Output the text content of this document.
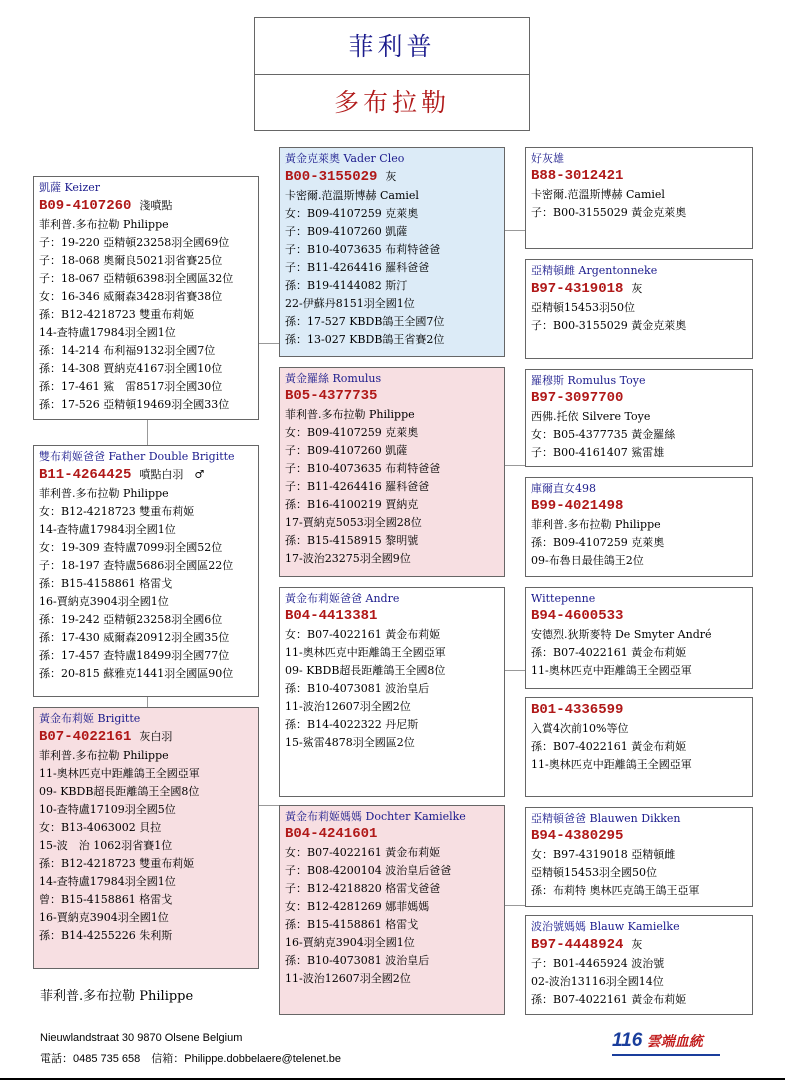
菲利普
多布拉勒
凱薩 Keizer
B09-4107260 淺噴點
菲利普.多布拉勒 Philippe
子：19-220 亞精頓23258羽全國69位
子：18-068 奧爾良5021羽省賽25位
子：18-067 亞精頓6398羽全國區32位
女：16-346 威爾森3428羽省賽38位
孫：B12-4218723 雙重布莉姬
14-查特盧17984羽全國1位
孫：14-214 布利福9132羽全國7位
孫：14-308 賈納克4167羽全國10位
孫：17-461 鯊　雷8517羽全國30位
孫：17-526 亞精頓19469羽全國33位
雙布莉姬爸爸 Father Double Brigitte
B11-4264425 噴點白羽　♂
菲利普.多布拉勒 Philippe
女：B12-4218723 雙重布莉姬
14-查特盧17984羽全國1位
女：19-309 查特盧7099羽全國52位
子：18-197 查特盧5686羽全國區22位
孫：B15-4158861 格雷戈
16-賈納克3904羽全國1位
孫：19-242 亞精頓23258羽全國6位
孫：17-430 威爾森20912羽全國35位
孫：17-457 查特盧18499羽全國77位
孫：20-815 蘇雅克1441羽全國區90位
黃金布莉姬 Brigitte
B07-4022161 灰白羽
菲利普.多布拉勒 Philippe
11-奧林匹克中距離鴿王全國亞軍
09- KBDB超長距離鴿王全國8位
10-查特盧17109羽全國5位
女：B13-4063002 貝拉
15-波　治 1062羽省賽1位
孫：B12-4218723 雙重布莉姬
14-查特盧17984羽全國1位
曾：B15-4158861 格雷戈
16-賈納克3904羽全國1位
孫：B14-4255226 朱利斯
黃金克萊奧 Vader Cleo
B00-3155029 灰
卡密爾.范溫斯博赫 Camiel
女：B09-4107259 克萊奧
子：B09-4107260 凱薩
子：B10-4073635 布莉特爸爸
子：B11-4264416 羅科爸爸
孫：B19-4144082 斯汀
22-伊蘇丹8151羽全國1位
孫：17-527 KBDB鴿王全國7位
孫：13-027 KBDB鴿王省賽2位
黃金羅絲 Romulus
B05-4377735
菲利普.多布拉勒 Philippe
女：B09-4107259 克萊奧
子：B09-4107260 凱薩
子：B10-4073635 布莉特爸爸
子：B11-4264416 羅科爸爸
孫：B16-4100219 賈納克
17-賈納克5053羽全國28位
孫：B15-4158915 黎明號
17-波治23275羽全國9位
黃金布莉姬爸爸 Andre
B04-4413381
女：B07-4022161 黃金布莉姬
11-奧林匹克中距離鴿王全國亞軍
09- KBDB超長距離鴿王全國8位
孫：B10-4073081 波治皇后
11-波治12607羽全國2位
孫：B14-4022322 丹尼斯
15-鯊雷4878羽全國區2位
黃金布莉姬媽媽 Dochter Kamielke
B04-4241601
女：B07-4022161 黃金布莉姬
子：B08-4200104 波治皇后爸爸
子：B12-4218820 格雷戈爸爸
女：B12-4281269 娜菲媽媽
孫：B15-4158861 格雷戈
16-賈納克3904羽全國1位
孫：B10-4073081 波治皇后
11-波治12607羽全國2位
好灰雄
B88-3012421
卡密爾.范溫斯博赫 Camiel
子：B00-3155029 黃金克萊奧
亞精頓雌 Argentonneke
B97-4319018 灰
亞精頓15453羽50位
子：B00-3155029 黃金克萊奧
羅穆斯 Romulus Toye
B97-3097700
西佛.托依 Silvere Toye
女：B05-4377735 黃金羅絲
子：B00-4161407 鯊雷雄
庫爾直女498
B99-4021498
菲利普.多布拉勒 Philippe
孫：B09-4107259 克萊奧
09-布魯日最佳鴿王2位
Wittepenne
B94-4600533
安德烈.狄斯麥特 De Smyter André
孫：B07-4022161 黃金布莉姬
11-奧林匹克中距離鴿王全國亞軍
B01-4336599
入賞4次前10%等位
孫：B07-4022161 黃金布莉姬
11-奧林匹克中距離鴿王全國亞軍
亞精頓爸爸 Blauwen Dikken
B94-4380295
女：B97-4319018 亞精頓雌
亞精頓15453羽全國50位
孫：布莉特 奧林匹克鴿王鴿王亞軍
波治號媽媽 Blauw Kamielke
B97-4448924 灰
子：B01-4465924 波治號
02-波治13116羽全國14位
孫：B07-4022161 黃金布莉姬
菲利普.多布拉勒 Philippe
Nieuwlandstraat 30 9870 Olsene Belgium
電話：0485 735 658　信箱：Philippe.dobbelaere@telenet.be
116 雲端血統
